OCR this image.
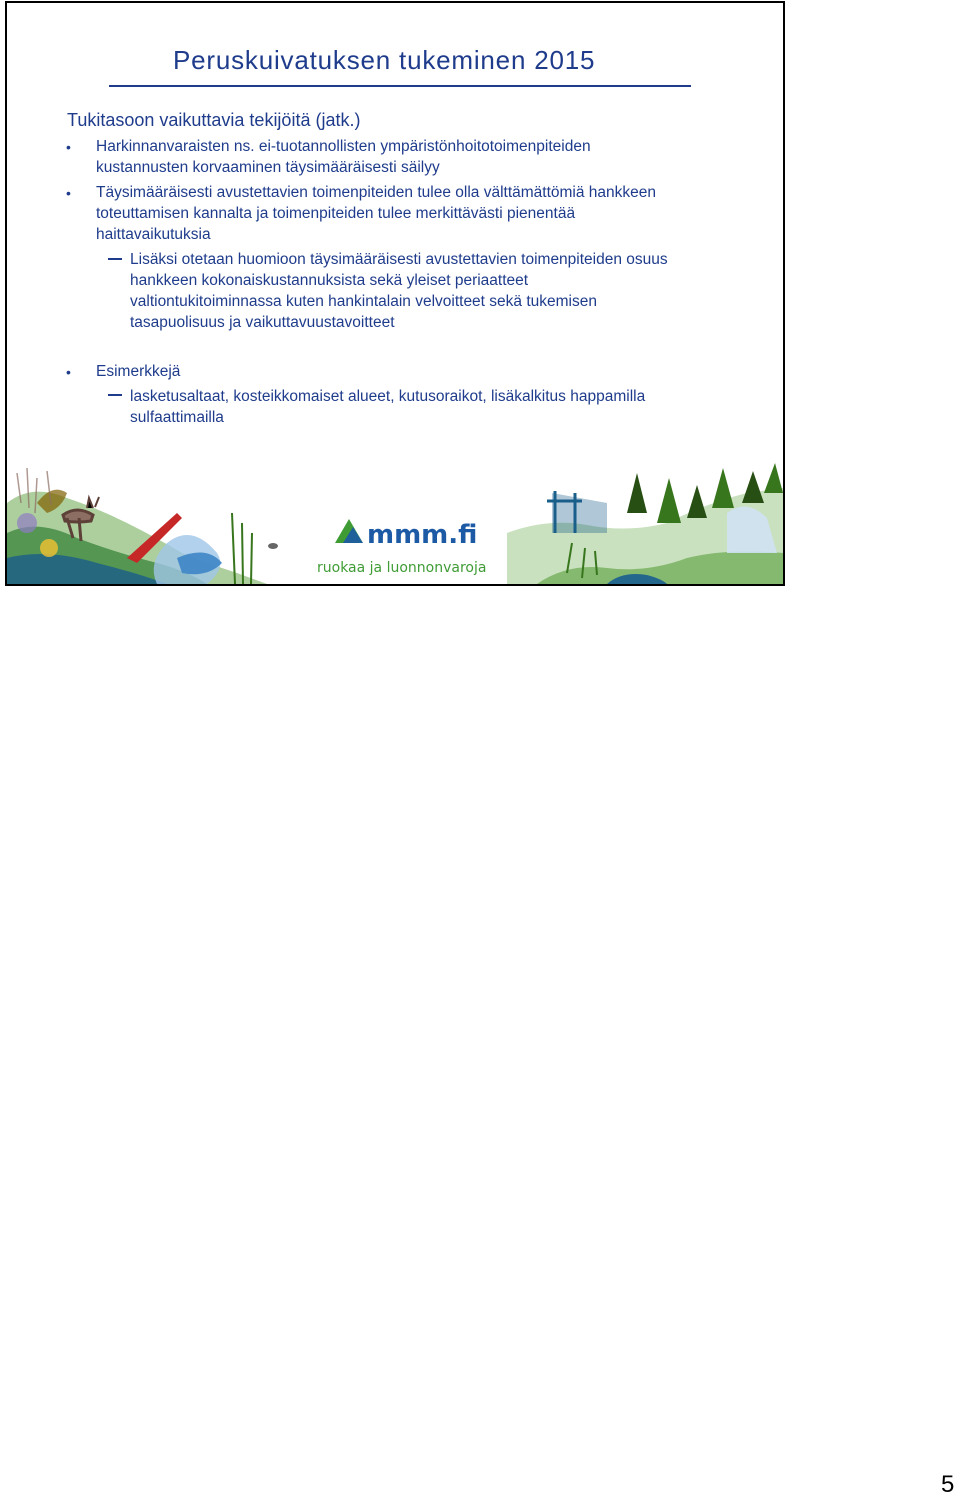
Peruskuivatuksen tukeminen 2015
Tukitasoon vaikuttavia tekijöitä (jatk.)
• Harkinnanvaraisten ns. ei-tuotannollisten ympäristönhoitotoimenpiteiden
kustannusten korvaaminen täysimääräisesti säilyy
• Täysimääräisesti avustettavien toimenpiteiden tulee olla välttämättömiä hankkeen
toteuttamisen kannalta ja toimenpiteiden tulee merkittävästi pienentää
haittavaikutuksia
Lisäksi otetaan huomioon täysimääräisesti avustettavien toimenpiteiden osuus
hankkeen kokonaiskustannuksista sekä yleiset periaatteet
valtiontukitoiminnassa kuten hankintalain velvoitteet sekä tukemisen
tasapuolisuus ja vaikuttavuustavoitteet
• Esimerkkejä
lasketusaltaat, kosteikkomaiset alueet, kutusoraikot, lisäkalkitus happamilla
sulfaattimailla
mmm.fi
ruokaa ja luonnonvaroja
5
